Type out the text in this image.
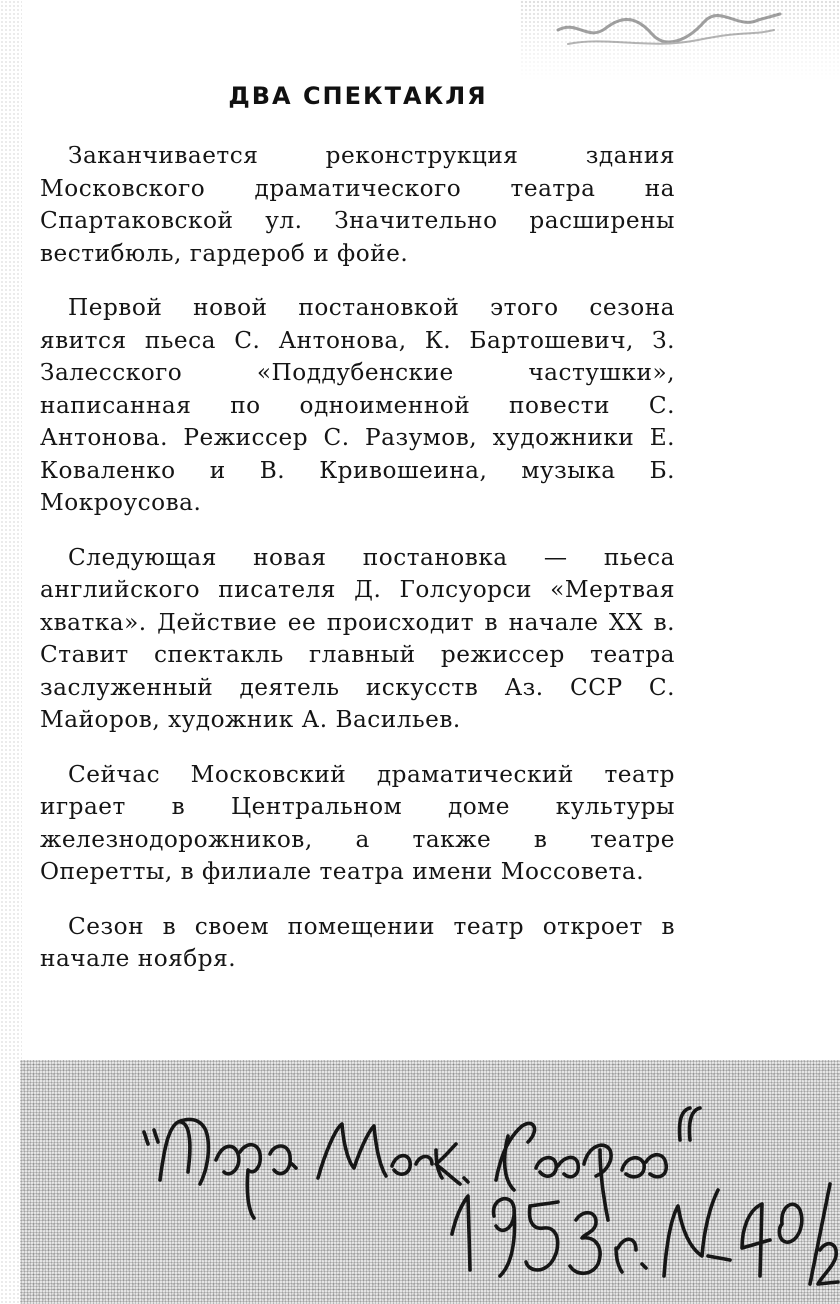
ДВА СПЕКТАКЛЯ

Заканчивается реконструкция здания Московского драматического театра на Спартаковской ул. Значительно расширены вестибюль, гардероб и фойе.

Первой новой постановкой этого сезона явится пьеса С. Антонова, К. Бартошевич, З. Залесского «Поддубенские частушки», написанная по одноименной повести С. Антонова. Режиссер С. Разумов, художники Е. Коваленко и В. Кривошеина, музыка Б. Мокроусова.

Следующая новая постановка — пьеса английского писателя Д. Голсуорси «Мертвая хватка». Действие ее происходит в начале XX в. Ставит спектакль главный режиссер театра заслуженный деятель искусств Аз. ССР С. Майоров, художник А. Васильев.

Сейчас Московский драматический театр играет в Центральном доме культуры железнодорожников, а также в театре Оперетты, в филиале театра имени Моссовета.

Сезон в своем помещении театр откроет в начале ноября.
